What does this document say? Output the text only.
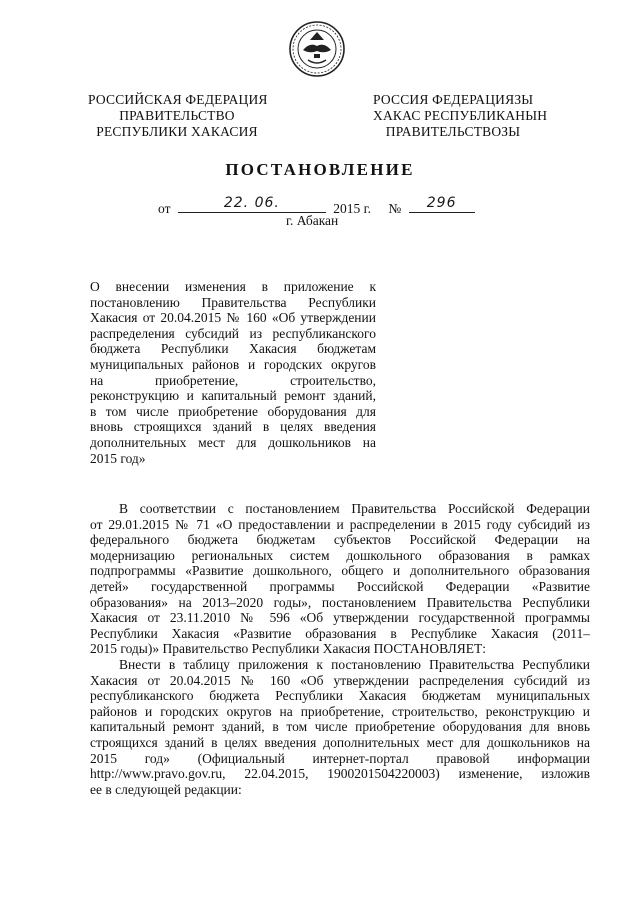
РОССИЙСКАЯ ФЕДЕРАЦИЯ
ПРАВИТЕЛЬСТВО
РЕСПУБЛИКИ ХАКАСИЯ
РОССИЯ ФЕДЕРАЦИЯЗЫ
ХАКАС РЕСПУБЛИКАНЫН
ПРАВИТЕЛЬСТВОЗЫ
ПОСТАНОВЛЕНИЕ
от	22. 06.	2015 г. №	296
г. Абакан
О внесении изменения в приложение к
постановлению Правительства Республики
Хакасия от 20.04.2015 № 160 «Об утверждении
распределения субсидий из республиканского
бюджета Республики Хакасия бюджетам
муниципальных районов и городских округов
на приобретение, строительство,
реконструкцию и капитальный ремонт зданий,
в том числе приобретение оборудования для
вновь строящихся зданий в целях введения
дополнительных мест для дошкольников на
2015 год»
В соответствии с постановлением Правительства Российской Федерации
от 29.01.2015 № 71 «О предоставлении и распределении в 2015 году субсидий из
федерального бюджета бюджетам субъектов Российской Федерации на
модернизацию региональных систем дошкольного образования в рамках
подпрограммы «Развитие дошкольного, общего и дополнительного образования
детей» государственной программы Российской Федерации «Развитие
образования» на 2013–2020 годы», постановлением Правительства Республики
Хакасия от 23.11.2010 № 596 «Об утверждении государственной программы
Республики Хакасия «Развитие образования в Республике Хакасия (2011–
2015 годы)» Правительство Республики Хакасия ПОСТАНОВЛЯЕТ:
Внести в таблицу приложения к постановлению Правительства Республики
Хакасия от 20.04.2015 № 160 «Об утверждении распределения субсидий из
республиканского бюджета Республики Хакасия бюджетам муниципальных
районов и городских округов на приобретение, строительство, реконструкцию и
капитальный ремонт зданий, в том числе приобретение оборудования для вновь
строящихся зданий в целях введения дополнительных мест для дошкольников на
2015 год» (Официальный интернет-портал правовой информации
http://www.pravo.gov.ru, 22.04.2015, 1900201504220003) изменение, изложив
ее в следующей редакции:
